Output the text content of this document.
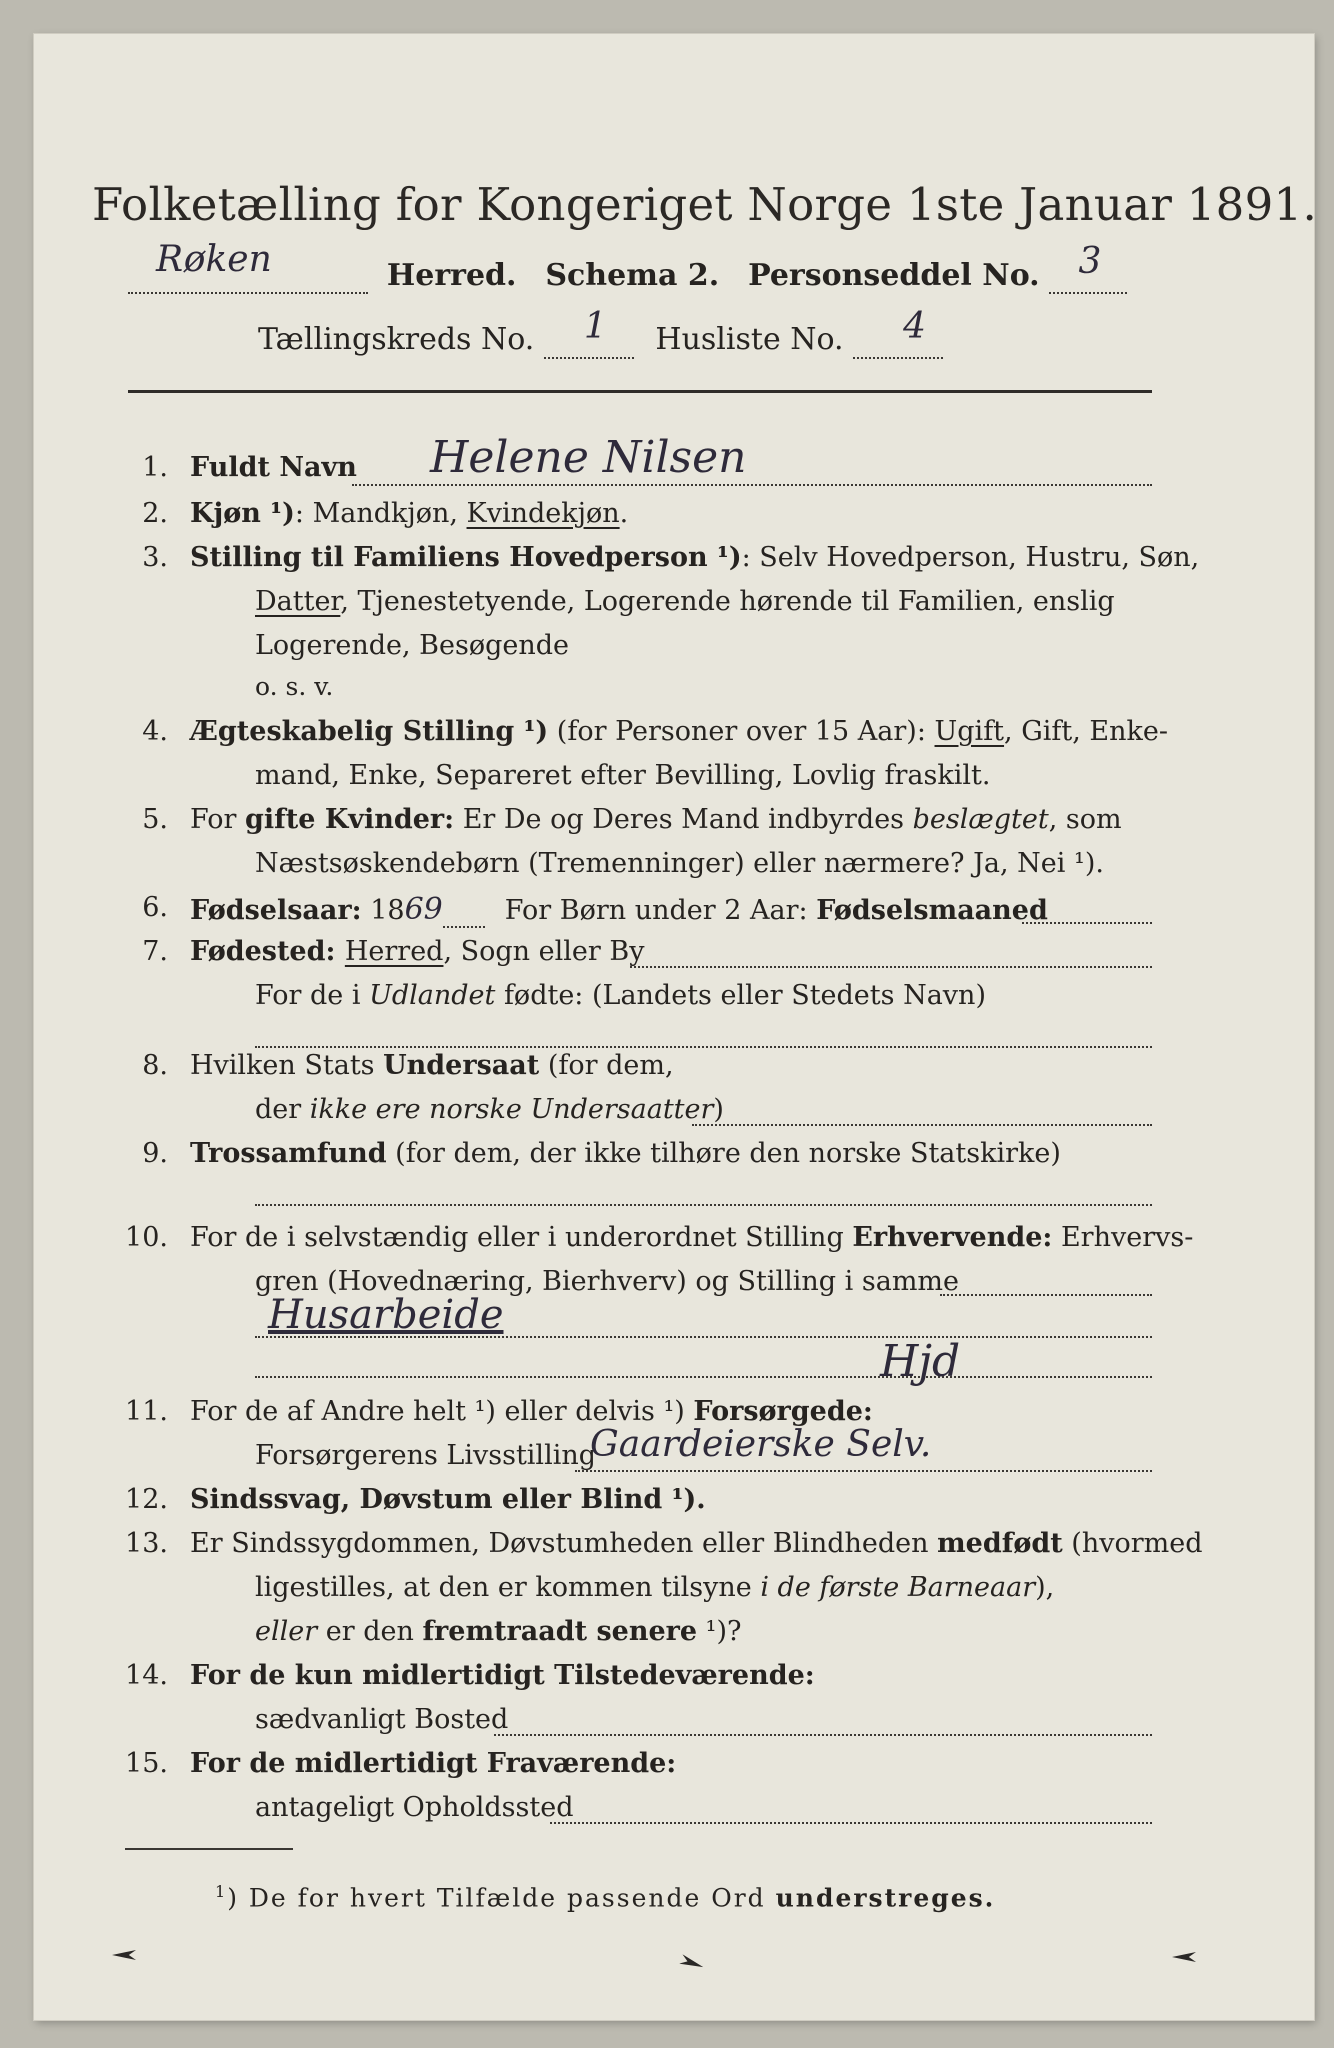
Folketælling for Kongeriget Norge 1ste Januar 1891.
Røken	Herred. Schema 2. Personseddel No. 3

Tællingskreds No. 1 Husliste No. 4

1. Fuldt Navn Helene Nilsen
2. Kjøn ¹): Mandkjøn, Kvindekjøn.
3. Stilling til Familiens Hovedperson ¹): Selv Hovedperson, Hustru, Søn,
Datter, Tjenestetyende, Logerende hørende til Familien, enslig
Logerende, Besøgende
o. s. v.
4. Ægteskabelig Stilling ¹) (for Personer over 15 Aar): Ugift, Gift, Enke-
mand, Enke, Separeret efter Bevilling, Lovlig fraskilt.
5. For gifte Kvinder: Er De og Deres Mand indbyrdes beslægtet, som
Næstsøskendebørn (Tremenninger) eller nærmere? Ja, Nei ¹).
6. Fødselsaar: 1869 For Børn under 2 Aar: Fødselsmaaned
7. Fødested: Herred, Sogn eller By
For de i Udlandet fødte: (Landets eller Stedets Navn)
8. Hvilken Stats Undersaat (for dem,
der ikke ere norske Undersaatter)
9. Trossamfund (for dem, der ikke tilhøre den norske Statskirke)
10. For de i selvstændig eller i underordnet Stilling Erhvervende: Erhvervs-
gren (Hovednæring, Bierhverv) og Stilling i samme
Husarbeide
Hjd
11. For de af Andre helt ¹) eller delvis ¹) Forsørgede:
Forsørgerens Livsstilling
Gaardeierske Selv.
12. Sindssvag, Døvstum eller Blind ¹).
13. Er Sindssygdommen, Døvstumheden eller Blindheden medfødt (hvormed
ligestilles, at den er kommen tilsyne i de første Barneaar),
eller er den fremtraadt senere ¹)?
14. For de kun midlertidigt Tilstedeværende:
sædvanligt Bosted
15. For de midlertidigt Fraværende:
antageligt Opholdssted
$^1$) De for hvert Tilfælde passende Ord understreges.
